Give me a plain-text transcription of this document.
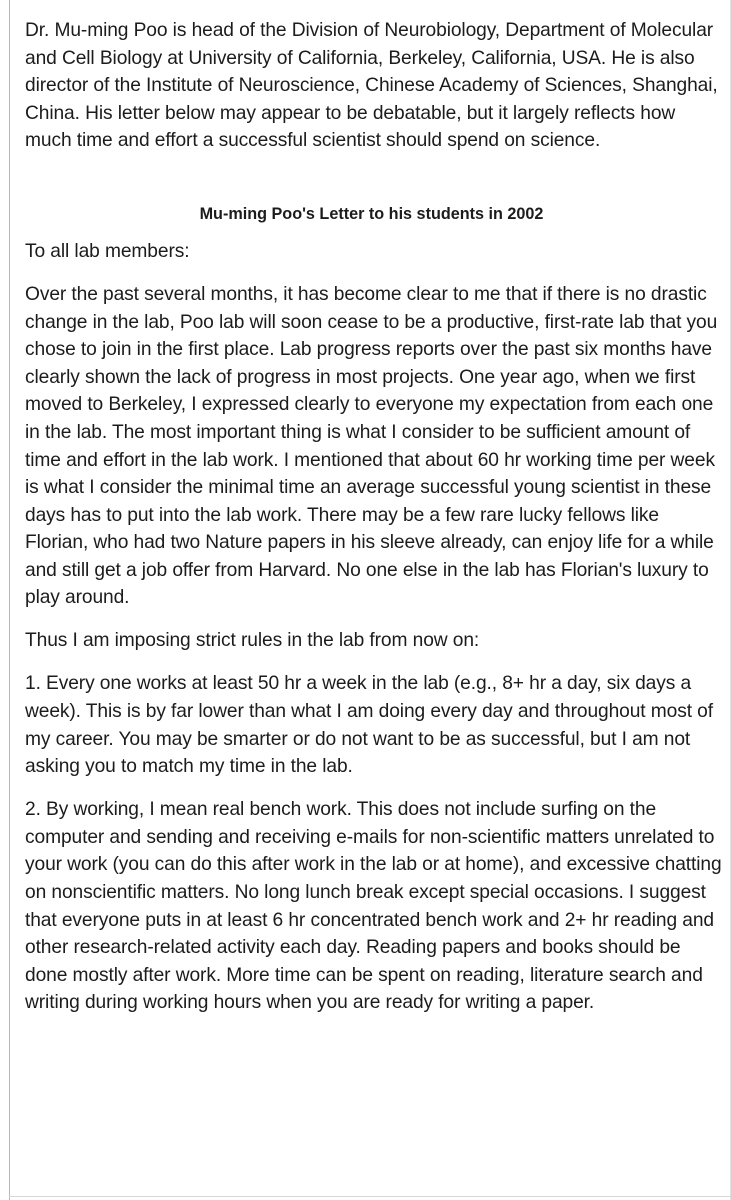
Dr. Mu-ming Poo is head of the Division of Neurobiology, Department of Molecular and Cell Biology at University of California, Berkeley, California, USA. He is also director of the Institute of Neuroscience, Chinese Academy of Sciences, Shanghai, China. His letter below may appear to be debatable, but it largely reflects how much time and effort a successful scientist should spend on science.

Mu-ming Poo's Letter to his students in 2002

To all lab members:

Over the past several months, it has become clear to me that if there is no drastic change in the lab, Poo lab will soon cease to be a productive, first-rate lab that you chose to join in the first place. Lab progress reports over the past six months have clearly shown the lack of progress in most projects. One year ago, when we first moved to Berkeley, I expressed clearly to everyone my expectation from each one in the lab. The most important thing is what I consider to be sufficient amount of time and effort in the lab work. I mentioned that about 60 hr working time per week is what I consider the minimal time an average successful young scientist in these days has to put into the lab work. There may be a few rare lucky fellows like Florian, who had two Nature papers in his sleeve already, can enjoy life for a while and still get a job offer from Harvard. No one else in the lab has Florian's luxury to play around.

Thus I am imposing strict rules in the lab from now on:

1. Every one works at least 50 hr a week in the lab (e.g., 8+ hr a day, six days a week). This is by far lower than what I am doing every day and throughout most of my career. You may be smarter or do not want to be as successful, but I am not asking you to match my time in the lab.

2. By working, I mean real bench work. This does not include surfing on the computer and sending and receiving e-mails for non-scientific matters unrelated to your work (you can do this after work in the lab or at home), and excessive chatting on nonscientific matters. No long lunch break except special occasions. I suggest that everyone puts in at least 6 hr concentrated bench work and 2+ hr reading and other research-related activity each day. Reading papers and books should be done mostly after work. More time can be spent on reading, literature search and writing during working hours when you are ready for writing a paper.
